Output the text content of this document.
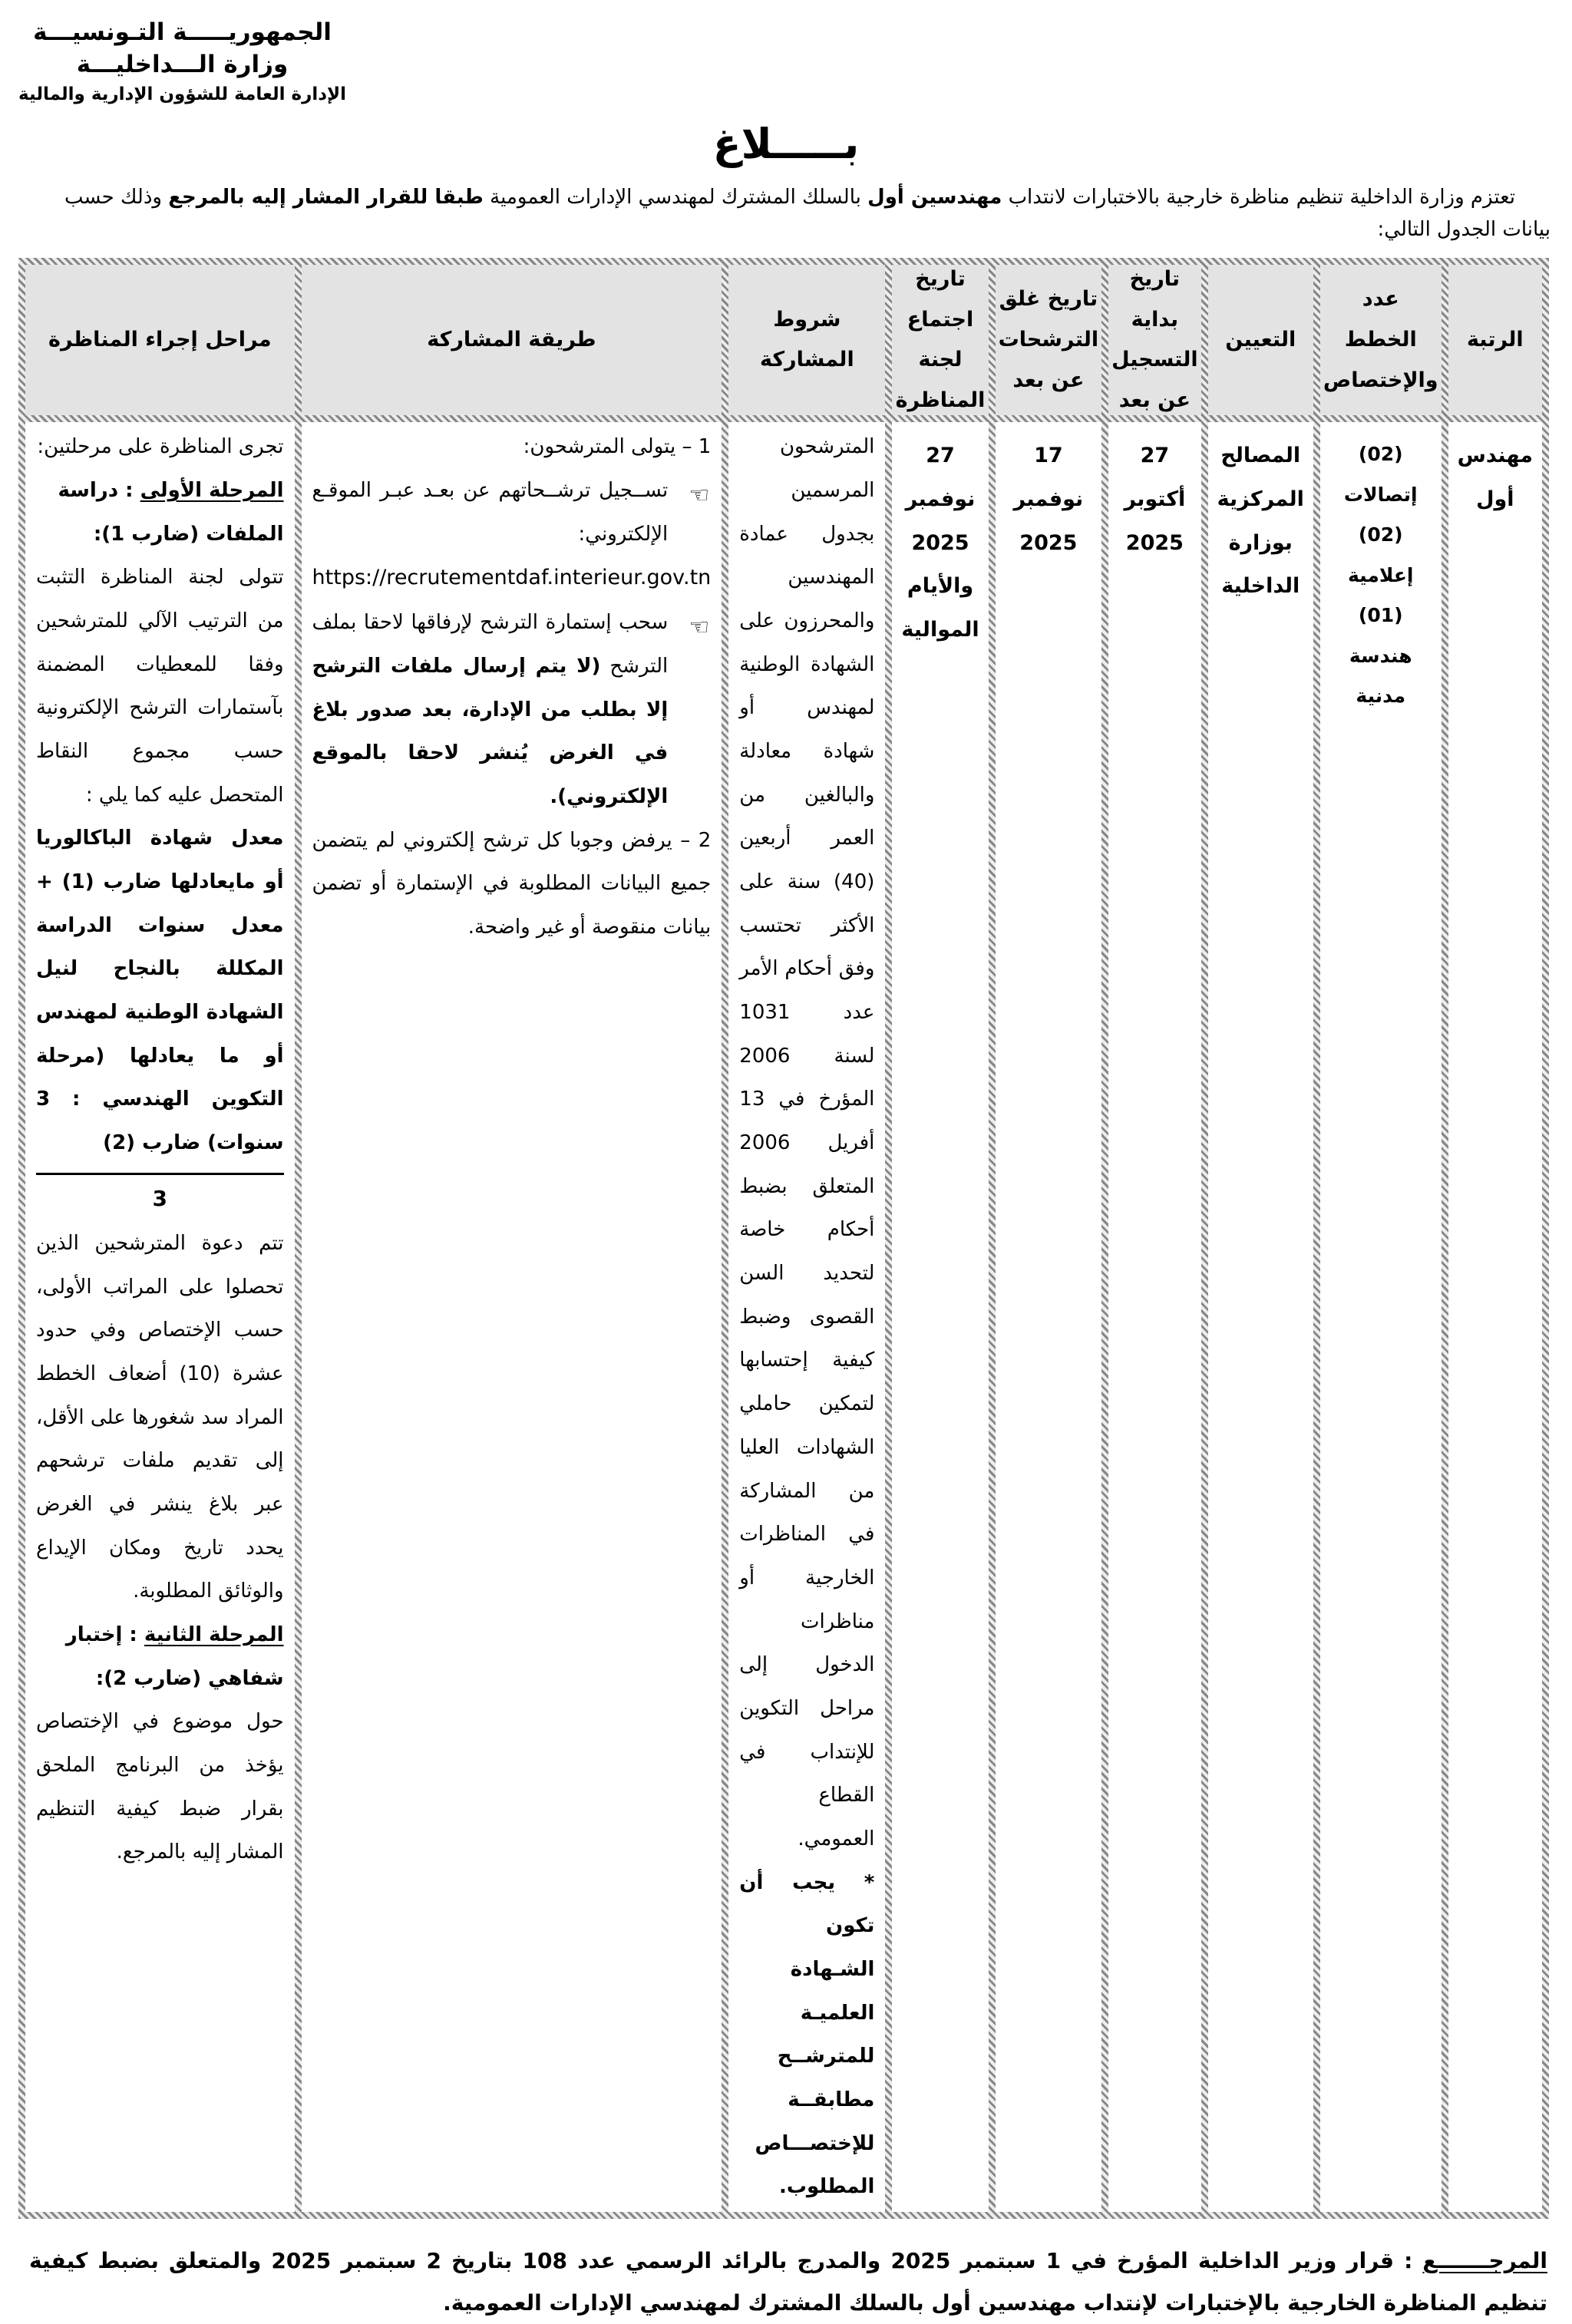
الجمهوريـــــة التـونسيـــة
وزارة الـــداخليـــة
الإدارة العامة للشؤون الإدارية والمالية
بـــــلاغ

تعتزم وزارة الداخلية تنظيم مناظرة خارجية بالاختبارات لانتداب مهندسين أول بالسلك المشترك لمهندسي الإدارات العمومية طبقا للقرار المشار إليه بالمرجع وذلك حسب بيانات الجدول التالي:

الرتبة
عدد الخطط والإختصاص
التعيين
تاريخ بداية التسجيل عن بعد
تاريخ غلق الترشحات عن بعد
تاريخ اجتماع لجنة المناظرة
شروط المشاركة
طريقة المشاركة
مراحل إجراء المناظرة
مهندس أول
(02) إتصالات
(02) إعلامية
(01) هندسة مدنية
المصالح المركزية بوزارة الداخلية
27 أكتوبر 2025
17 نوفمبر 2025
27 نوفمبر 2025 والأيام الموالية

المترشحون المرسمين بجدول عمادة المهندسين والمحرزون على الشهادة الوطنية لمهندس أو شهادة معادلة والبالغين من العمر أربعين (40) سنة على الأكثر تحتسب وفق أحكام الأمر عدد 1031 لسنة 2006 المؤرخ في 13 أفريل 2006 المتعلق بضبط أحكام خاصة لتحديد السن القصوى وضبط كيفية إحتسابها لتمكين حاملي الشهادات العليا من المشاركة في المناظرات الخارجية أو مناظرات الدخول إلى مراحل التكوين للإنتداب في القطاع العمومي.

* يجب أن تكون الشـهادة العلميـة للمترشــح مطابقــة للإختصـــاص المطلوب.

1 – يتولى المترشحون:

☜
تســجيل ترشــحاتهم عن بعـد عبـر الموقـع الإلكتروني:

https://recrutementdaf.interieur.gov.tn

☜
سحب إستمارة الترشح لإرفاقها لاحقا بملف الترشح (لا يتم إرسال ملفات الترشح إلا بطلب من الإدارة، بعد صدور بلاغ في الغرض يُنشر لاحقا بالموقع الإلكتروني).

2 – يرفض وجوبا كل ترشح إلكتروني لم يتضمن جميع البيانات المطلوبة في الإستمارة أو تضمن بيانات منقوصة أو غير واضحة.

تجرى المناظرة على مرحلتين:

المرحلة الأولى : دراسة الملفات (ضارب 1):

تتولى لجنة المناظرة التثبت من الترتيب الآلي للمترشحين وفقا للمعطيات المضمنة بآستمارات الترشح الإلكترونية حسب مجموع النقاط المتحصل عليه كما يلي :

معدل شهادة الباكالوريا أو مايعادلها ضارب (1) + معدل سنوات الدراسة المكللة بالنجاح لنيل الشهادة الوطنية لمهندس أو ما يعادلها (مرحلة التكوين الهندسي : 3 سنوات) ضارب (2)

3

تتم دعوة المترشحين الذين تحصلوا على المراتب الأولى، حسب الإختصاص وفي حدود عشرة (10) أضعاف الخطط المراد سد شغورها على الأقل، إلى تقديم ملفات ترشحهم عبر بلاغ ينشر في الغرض يحدد تاريخ ومكان الإيداع والوثائق المطلوبة.

المرحلة الثانية : إختبار شفاهي (ضارب 2):

حول موضوع في الإختصاص يؤخذ من البرنامج الملحق بقرار ضبط كيفية التنظيم المشار إليه بالمرجع.

المرجـــــــع : قرار وزير الداخلية المؤرخ في 1 سبتمبر 2025 والمدرج بالرائد الرسمي عدد 108 بتاريخ 2 سبتمبر 2025 والمتعلق بضبط كيفية تنظيم المناظرة الخارجية بالإختبارات لإنتداب مهندسين أول بالسلك المشترك لمهندسي الإدارات العمومية.
